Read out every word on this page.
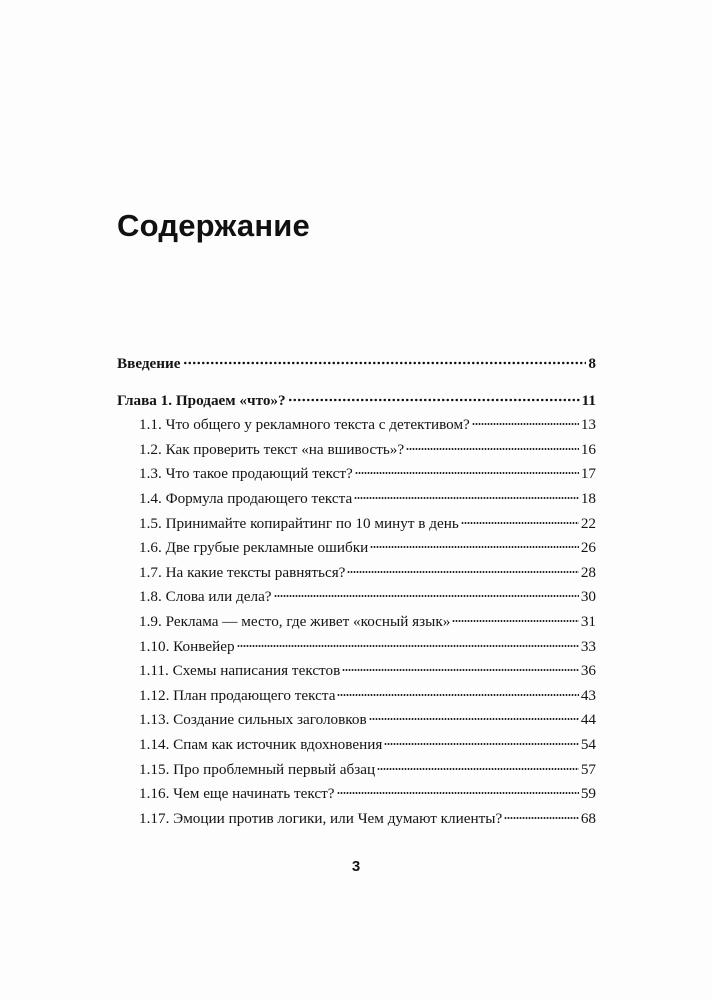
Содержание
Введение	8
Глава 1. Продаем «что»?	11
1.1. Что общего у рекламного текста с детективом?	13
1.2. Как проверить текст «на вшивость»?	16
1.3. Что такое продающий текст?	17
1.4. Формула продающего текста	18
1.5. Принимайте копирайтинг по 10 минут в день	22
1.6. Две грубые рекламные ошибки	26
1.7. На какие тексты равняться?	28
1.8. Слова или дела?	30
1.9. Реклама — место, где живет «косный язык»	31
1.10. Конвейер	33
1.11. Схемы написания текстов	36
1.12. План продающего текста	43
1.13. Создание сильных заголовков	44
1.14. Спам как источник вдохновения	54
1.15. Про проблемный первый абзац	57
1.16. Чем еще начинать текст?	59
1.17. Эмоции против логики, или Чем думают клиенты?	68
3
